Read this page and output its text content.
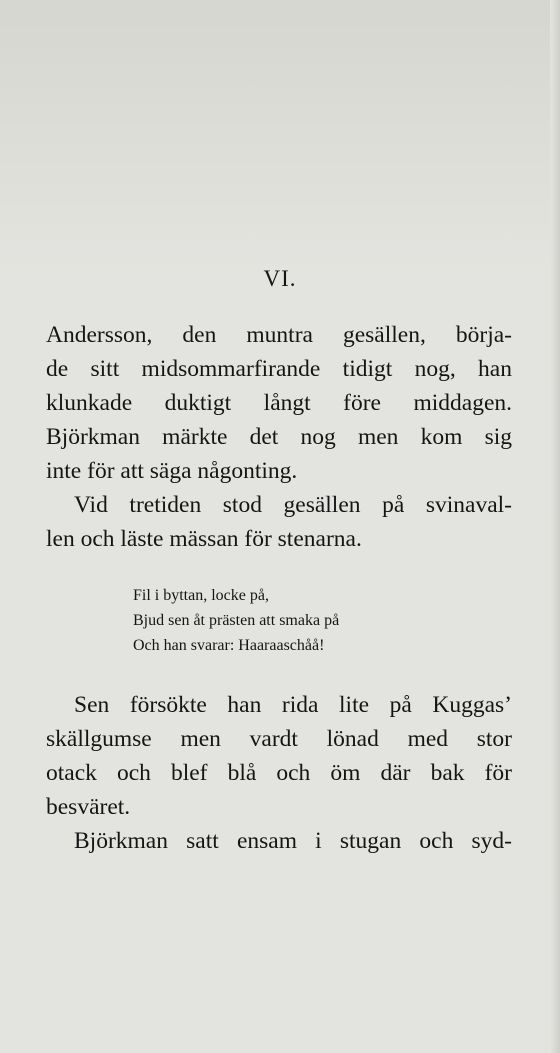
VI.
Andersson, den muntra gesällen, börja-
de sitt midsommarfirande tidigt nog, han
klunkade duktigt långt före middagen.
Björkman märkte det nog men kom sig
inte för att säga någonting.
Vid tretiden stod gesällen på svinaval-
len och läste mässan för stenarna.
Fil i byttan, locke på,
Bjud sen åt prästen att smaka på
Och han svarar: Haaraaschåå!
Sen försökte han rida lite på Kuggas’
skällgumse men vardt lönad med stor
otack och blef blå och öm där bak för
besväret.
Björkman satt ensam i stugan och syd-
